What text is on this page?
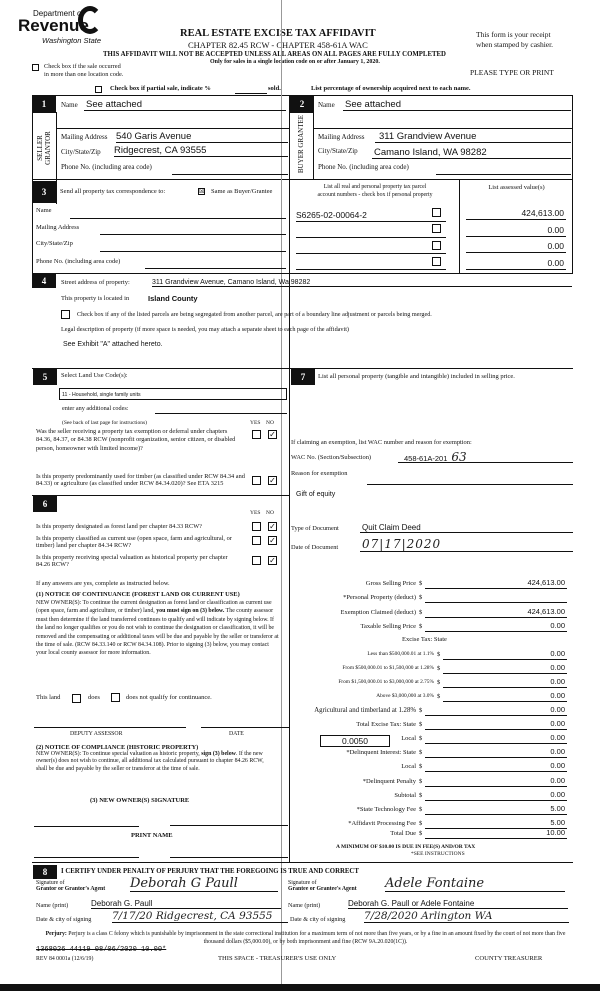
Department of
Revenue
Washington State
REAL ESTATE EXCISE TAX AFFIDAVIT
CHAPTER 82.45 RCW - CHAPTER 458-61A WAC
THIS AFFIDAVIT WILL NOT BE ACCEPTED UNLESS ALL AREAS ON ALL PAGES ARE FULLY COMPLETED
Only for sales in a single location code on or after January 1, 2020.
This form is your receipt
when stamped by cashier.
PLEASE TYPE OR PRINT
Check box if the sale occurred
in more than one location code.
Check box if partial sale, indicate %	sold.	List percentage of ownership acquired next to each name.
1
SELLER GRANTOR
Name See attached
Mailing Address 540 Garis Avenue
City/State/Zip Ridgecrest, CA 93555
Phone No. (including area code)
2
BUYER GRANTEE
Name See attached
Mailing Address	311 Grandview Avenue
City/State/Zip Camano Island, WA 98282
Phone No. (including area code)
3	Send all property tax correspondence to:	☒ Same as Buyer/Grantee
Name
Mailing Address
City/State/Zip
Phone No. (including area code)
List all real and personal property tax parcel
account numbers - check box if personal property
List assessed value(s)
S6265-02-00064-2	424,613.00
0.00
0.00
0.00
4	Street address of property:	311 Grandview Avenue, Camano Island, Wa 98282
This property is located in	Island County
Check box if any of the listed parcels are being segregated from another parcel, are part of a boundary line adjustment or parcels being merged.
Legal description of property (if more space is needed, you may attach a separate sheet to each page of the affidavit)
See Exhibit "A" attached hereto.
5	Select Land Use Code(s):
11 - Household, single family units
enter any additional codes:
(See back of last page for instructions)	YES NO
Was the seller receiving a property tax exemption or deferral under chapters 84.36, 84.37, or 84.38 RCW (nonprofit organization, senior citizen, or disabled person, homeowner with limited income)?
✓
Is this property predominantly used for timber (as classified under RCW 84.34 and 84.33) or agriculture (as classified under RCW 84.34.020)? See ETA 3215	✓
6
YES NO
Is this property designated as forest land per chapter 84.33 RCW?	✓
Is this property classified as current use (open space, farm and agricultural, or timber) land per chapter 84.34 RCW?	✓
Is this property receiving special valuation as historical property per chapter 84.26 RCW?	✓
If any answers are yes, complete as instructed below.
(1) NOTICE OF CONTINUANCE (FOREST LAND OR CURRENT USE)
NEW OWNER(S): To continue the current designation as forest land or classification as current use (open space, farm and agriculture, or timber) land, you must sign on (3) below. The county assessor must then determine if the land transferred continues to qualify and will indicate by signing below. If the land no longer qualifies or you do not wish to continue the designation or classification, it will be removed and the compensating or additional taxes will be due and payable by the seller or transferor at the time of sale. (RCW 84.33.140 or RCW 84.34.108). Prior to signing (3) below, you may contact your local county assessor for more information.
This land	does	does not qualify for continuance.
DEPUTY ASSESSOR	DATE
(2) NOTICE OF COMPLIANCE (HISTORIC PROPERTY)
NEW OWNER(S): To continue special valuation as historic property, sign (3) below. If the new owner(s) does not wish to continue, all additional tax calculated pursuant to chapter 84.26 RCW, shall be due and payable by the seller or transferor at the time of sale.
(3) NEW OWNER(S) SIGNATURE
PRINT NAME
7	List all personal property (tangible and intangible) included in selling price.
If claiming an exemption, list WAC number and reason for exemption:
WAC No. (Section/Subsection)	458-61A-201 63
Reason for exemption
Gift of equity
Type of Document	Quit Claim Deed
Date of Document 07|17|2020
Gross Selling Price $	424,613.00
*Personal Property (deduct) $
Exemption Claimed (deduct) $	424,613.00
Taxable Selling Price $	0.00
Less than $500,000.01 at 1.1% $	0.00
From $500,000.01 to $1,500,000 at 1.28% $	0.00
From $1,500,000.01 to $3,000,000 at 2.75% $	0.00
Above $3,000,000 at 3.0% $	0.00
Agricultural and timberland at 1.28% $	0.00
Total Excise Tax: State $	0.00
Local $	0.00
*Delinquent Interest: State $	0.00
Local $	0.00
*Delinquent Penalty $	0.00
Subtotal $	0.00
*State Technology Fee $	5.00
*Affidavit Processing Fee $	5.00
Total Due $	10.00
Excise Tax: State
0.0050
A MINIMUM OF $10.00 IS DUE IN FEE(S) AND/OR TAX
*SEE INSTRUCTIONS
8	I CERTIFY UNDER PENALTY OF PERJURY THAT THE FOREGOING IS TRUE AND CORRECT
Signature of
Grantor or Grantor's Agent Deborah G Paull	Signature of
Grantee or Grantee's Agent Adele Fontaine
Name (print)	Deborah G. Paull	Name (print)	Deborah G. Paull or Adele Fontaine
Date & city of signing 7/17/20 Ridgecrest, CA 93555	Date & city of signing 7/28/2020 Arlington WA
Perjury: Perjury is a class C felony which is punishable by imprisonment in the state correctional institution for a maximum term of not more than five years, or by a fine in an amount fixed by the court of not more than five thousand dollars ($5,000.00), or by both imprisonment and fine (RCW 9A.20.020(1C)).
1368026 44119 08/06/2020 10.00*
REV 84 0001a (12/6/19)	THIS SPACE - TREASURER'S USE ONLY	COUNTY TREASURER
